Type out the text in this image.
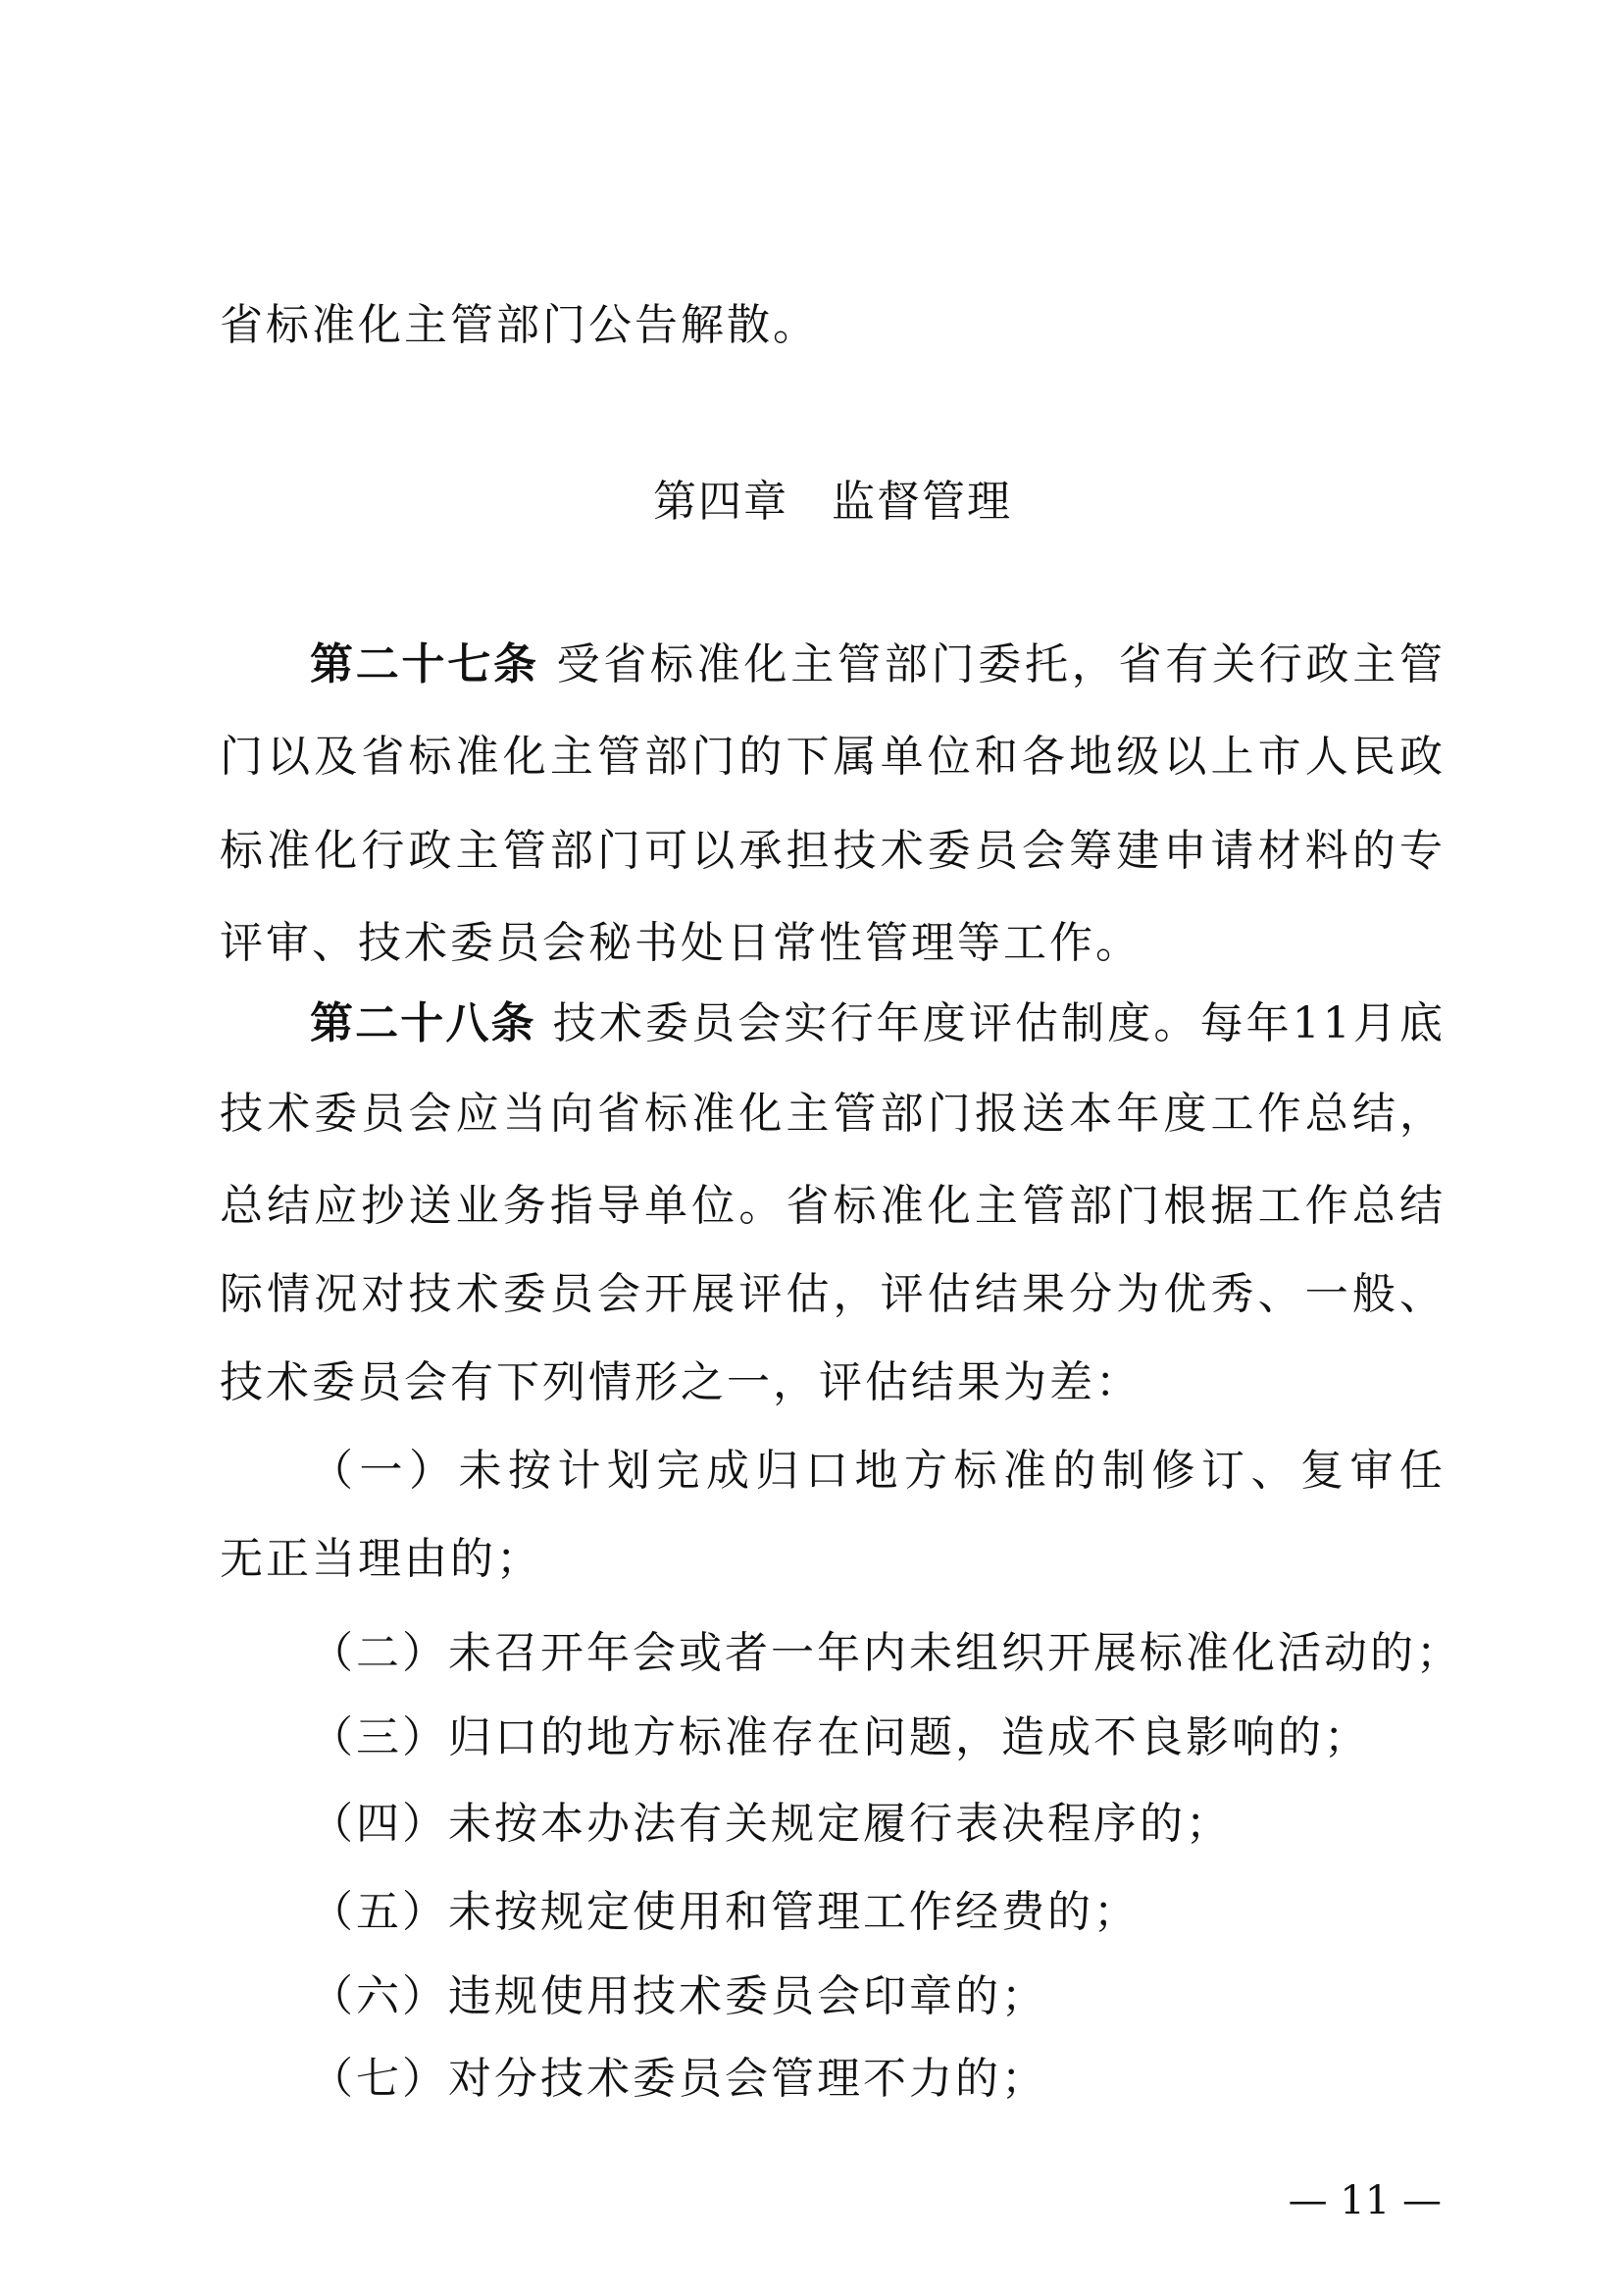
省标准化主管部门公告解散。
第四章 监督管理
第二十七条 受省标准化主管部门委托，省有关行政主管
门以及省标准化主管部门的下属单位和各地级以上市人民政
标准化行政主管部门可以承担技术委员会筹建申请材料的专
评审、技术委员会秘书处日常性管理等工作。
第二十八条 技术委员会实行年度评估制度。每年11月底
技术委员会应当向省标准化主管部门报送本年度工作总结，
总结应抄送业务指导单位。省标准化主管部门根据工作总结
际情况对技术委员会开展评估，评估结果分为优秀、一般、
技术委员会有下列情形之一，评估结果为差：
（一）未按计划完成归口地方标准的制修订、复审任
无正当理由的；
（二）未召开年会或者一年内未组织开展标准化活动的；
（三）归口的地方标准存在问题，造成不良影响的；
（四）未按本办法有关规定履行表决程序的；
（五）未按规定使用和管理工作经费的；
（六）违规使用技术委员会印章的；
（七）对分技术委员会管理不力的；
— 11 —
